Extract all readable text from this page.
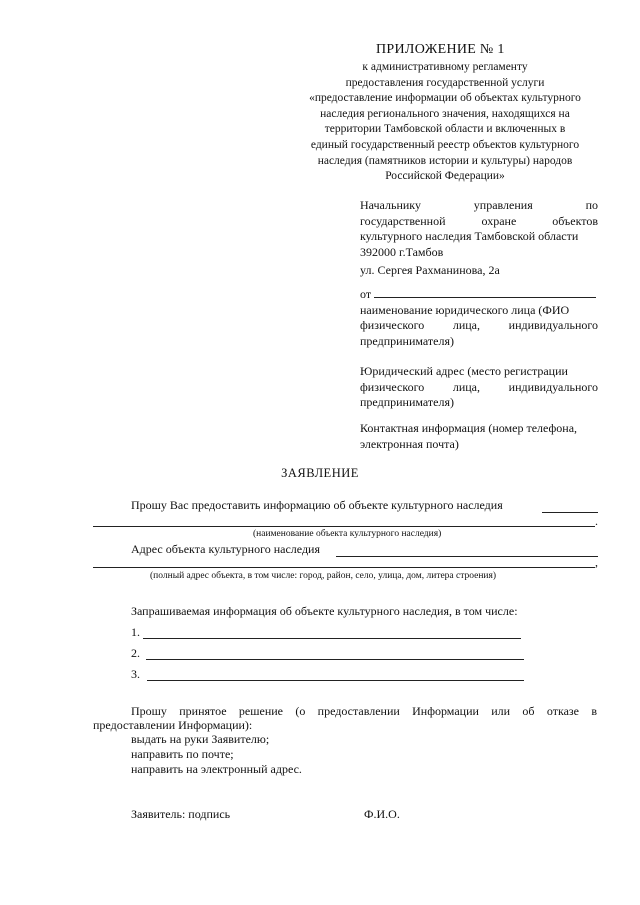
ПРИЛОЖЕНИЕ № 1
к административному регламенту
предоставления государственной услуги
«предоставление информации об объектах культурного
наследия регионального значения, находящихся на
территории Тамбовской области и включенных в
единый государственный реестр объектов культурного
наследия (памятников истории и культуры) народов
Российской Федерации»
Начальнику управления по
государственной охране объектов
культурного наследия Тамбовской области
392000 г.Тамбов
ул. Сергея Рахманинова, 2а
от
наименование юридического лица (ФИО
физического лица, индивидуального
предпринимателя)
Юридический адрес (место регистрации
физического лица, индивидуального
предпринимателя)
Контактная информация (номер телефона,
электронная почта)
ЗАЯВЛЕНИЕ
Прошу Вас предоставить информацию об объекте культурного наследия
.
(наименование объекта культурного наследия)
Адрес объекта культурного наследия
,
(полный адрес объекта, в том числе: город, район, село, улица, дом, литера строения)
Запрашиваемая информация об объекте культурного наследия, в том числе:
1.
2.
3.
Прошу принятое решение (о предоставлении Информации или об отказе в
предоставлении Информации):
выдать на руки Заявителю;
направить по почте;
направить на электронный адрес.
Заявитель: подпись	Ф.И.О.
